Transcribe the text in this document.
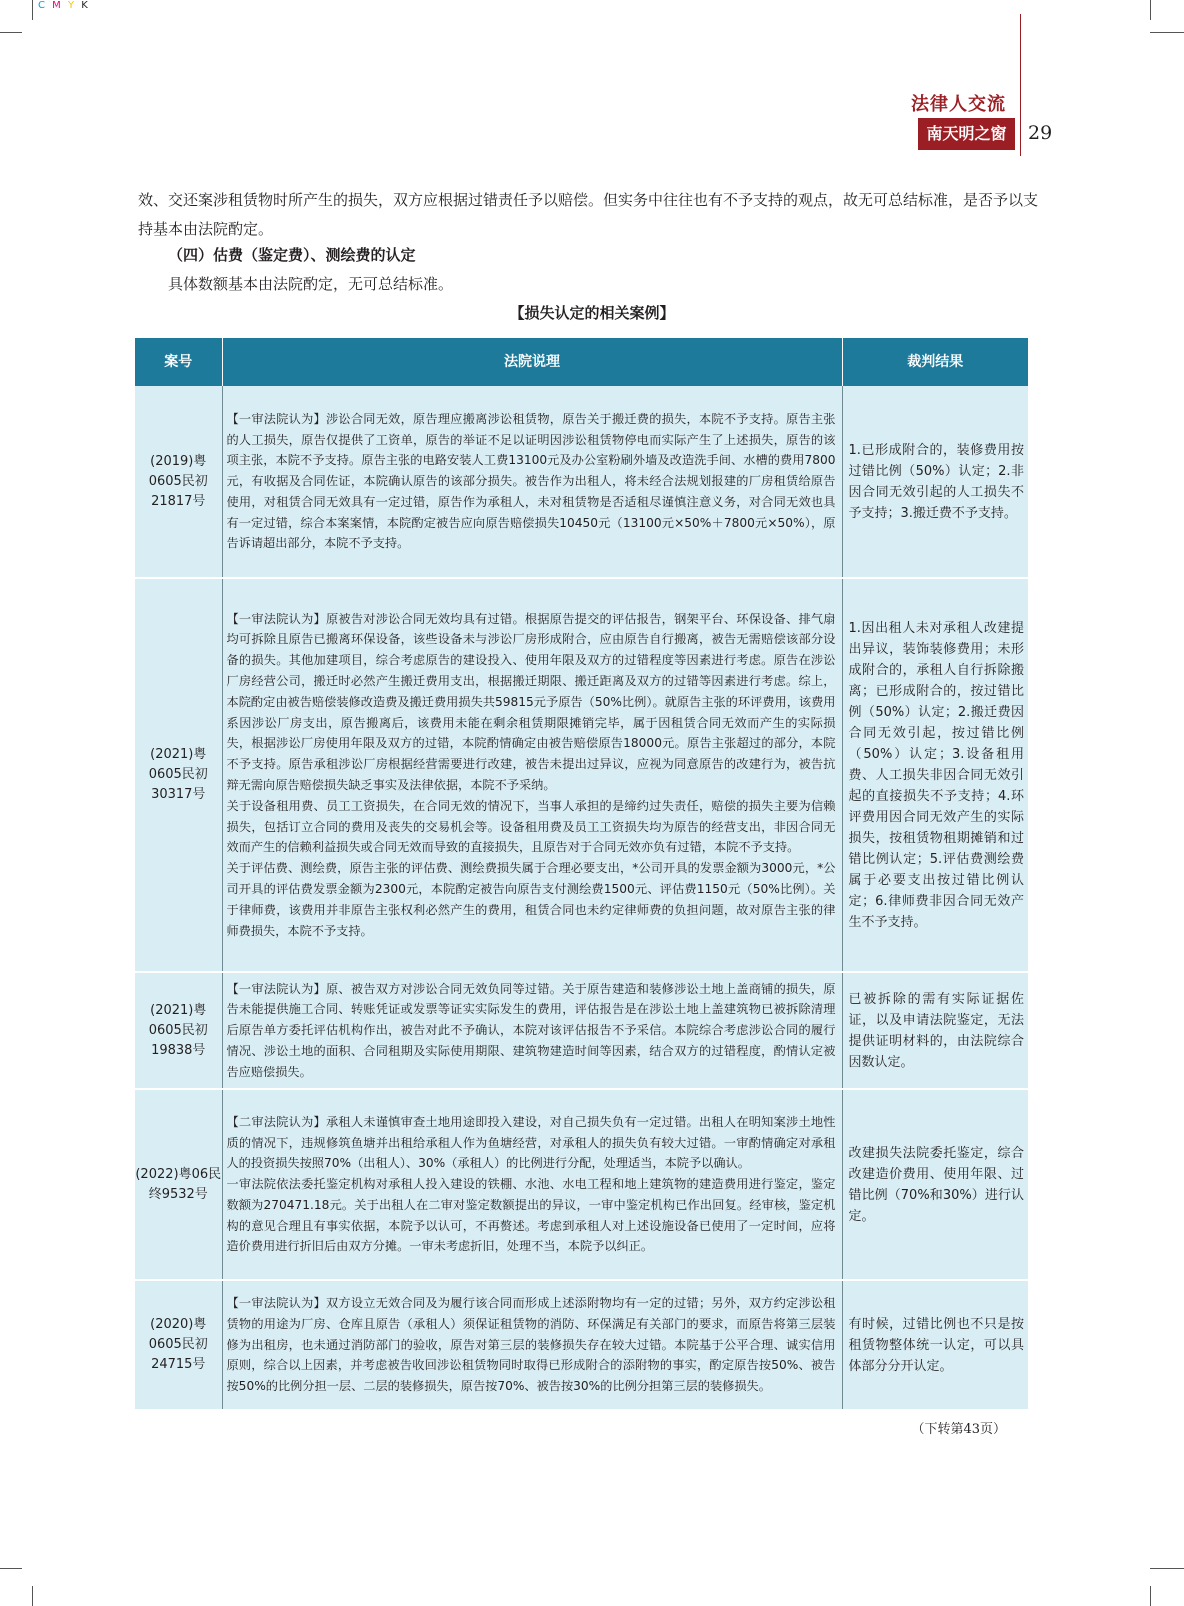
C M Y K
法律人交流
南天明之窗	29
效、交还案涉租赁物时所产生的损失，双方应根据过错责任予以赔偿。但实务中往往也有不予支持的观点，故无可总结标准，是否予以支持基本由法院酌定。
（四）估费（鉴定费）、测绘费的认定
具体数额基本由法院酌定，无可总结标准。
【损失认定的相关案例】
案号	法院说理	裁判结果
(2019)粤0605民初21817号	【一审法院认为】涉讼合同无效，原告理应搬离涉讼租赁物，原告关于搬迁费的损失，本院不予支持。原告主张的人工损失，原告仅提供了工资单，原告的举证不足以证明因涉讼租赁物停电而实际产生了上述损失，原告的该项主张，本院不予支持。原告主张的电路安装人工费13100元及办公室粉刷外墙及改造洗手间、水槽的费用7800元，有收据及合同佐证，本院确认原告的该部分损失。被告作为出租人，将未经合法规划报建的厂房租赁给原告使用，对租赁合同无效具有一定过错，原告作为承租人，未对租赁物是否适租尽谨慎注意义务，对合同无效也具有一定过错，综合本案案情，本院酌定被告应向原告赔偿损失10450元（13100元×50%＋7800元×50%），原告诉请超出部分，本院不予支持。	1.已形成附合的，装修费用按过错比例（50%）认定；2.非因合同无效引起的人工损失不予支持；3.搬迁费不予支持。
(2021)粤0605民初30317号	【一审法院认为】原被告对涉讼合同无效均具有过错。根据原告提交的评估报告，钢架平台、环保设备、排气扇均可拆除且原告已搬离环保设备，该些设备未与涉讼厂房形成附合，应由原告自行搬离，被告无需赔偿该部分设备的损失。其他加建项目，综合考虑原告的建设投入、使用年限及双方的过错程度等因素进行考虑。原告在涉讼厂房经营公司，搬迁时必然产生搬迁费用支出，根据搬迁期限、搬迁距离及双方的过错等因素进行考虑。综上，本院酌定由被告赔偿装修改造费及搬迁费用损失共59815元予原告（50%比例）。就原告主张的环评费用，该费用系因涉讼厂房支出，原告搬离后，该费用未能在剩余租赁期限摊销完毕，属于因租赁合同无效而产生的实际损失，根据涉讼厂房使用年限及双方的过错，本院酌情确定由被告赔偿原告18000元。原告主张超过的部分，本院不予支持。原告承租涉讼厂房根据经营需要进行改建，被告未提出过异议，应视为同意原告的改建行为，被告抗辩无需向原告赔偿损失缺乏事实及法律依据，本院不予采纳。
关于设备租用费、员工工资损失，在合同无效的情况下，当事人承担的是缔约过失责任，赔偿的损失主要为信赖损失，包括订立合同的费用及丧失的交易机会等。设备租用费及员工工资损失均为原告的经营支出，非因合同无效而产生的信赖利益损失或合同无效而导致的直接损失，且原告对于合同无效亦负有过错，本院不予支持。
关于评估费、测绘费，原告主张的评估费、测绘费损失属于合理必要支出，*公司开具的发票金额为3000元，*公司开具的评估费发票金额为2300元，本院酌定被告向原告支付测绘费1500元、评估费1150元（50%比例）。关于律师费，该费用并非原告主张权利必然产生的费用，租赁合同也未约定律师费的负担问题，故对原告主张的律师费损失，本院不予支持。	1.因出租人未对承租人改建提出异议，装饰装修费用；未形成附合的，承租人自行拆除搬离；已形成附合的，按过错比例（50%）认定；2.搬迁费因合同无效引起，按过错比例（50%）认定；3.设备租用费、人工损失非因合同无效引起的直接损失不予支持；4.环评费用因合同无效产生的实际损失，按租赁物租期摊销和过错比例认定；5.评估费测绘费属于必要支出按过错比例认定；6.律师费非因合同无效产生不予支持。
(2021)粤0605民初19838号	【一审法院认为】原、被告双方对涉讼合同无效负同等过错。关于原告建造和装修涉讼土地上盖商铺的损失，原告未能提供施工合同、转账凭证或发票等证实实际发生的费用，评估报告是在涉讼土地上盖建筑物已被拆除清理后原告单方委托评估机构作出，被告对此不予确认，本院对该评估报告不予采信。本院综合考虑涉讼合同的履行情况、涉讼土地的面积、合同租期及实际使用期限、建筑物建造时间等因素，结合双方的过错程度，酌情认定被告应赔偿损失。	已被拆除的需有实际证据佐证，以及申请法院鉴定，无法提供证明材料的，由法院综合因数认定。
(2022)粤06民终9532号	【二审法院认为】承租人未谨慎审查土地用途即投入建设，对自己损失负有一定过错。出租人在明知案涉土地性质的情况下，违规修筑鱼塘并出租给承租人作为鱼塘经营，对承租人的损失负有较大过错。一审酌情确定对承租人的投资损失按照70%（出租人）、30%（承租人）的比例进行分配，处理适当，本院予以确认。
一审法院依法委托鉴定机构对承租人投入建设的铁棚、水池、水电工程和地上建筑物的建造费用进行鉴定，鉴定数额为270471.18元。关于出租人在二审对鉴定数额提出的异议，一审中鉴定机构已作出回复。经审核，鉴定机构的意见合理且有事实依据，本院予以认可，不再赘述。考虑到承租人对上述设施设备已使用了一定时间，应将造价费用进行折旧后由双方分摊。一审未考虑折旧，处理不当，本院予以纠正。	改建损失法院委托鉴定，综合改建造价费用、使用年限、过错比例（70%和30%）进行认定。
(2020)粤0605民初24715号	【一审法院认为】双方设立无效合同及为履行该合同而形成上述添附物均有一定的过错；另外，双方约定涉讼租赁物的用途为厂房、仓库且原告（承租人）须保证租赁物的消防、环保满足有关部门的要求，而原告将第三层装修为出租房，也未通过消防部门的验收，原告对第三层的装修损失存在较大过错。本院基于公平合理、诚实信用原则，综合以上因素，并考虑被告收回涉讼租赁物同时取得已形成附合的添附物的事实，酌定原告按50%、被告按50%的比例分担一层、二层的装修损失，原告按70%、被告按30%的比例分担第三层的装修损失。	有时候，过错比例也不只是按租赁物整体统一认定，可以具体部分分开认定。
（下转第43页）
